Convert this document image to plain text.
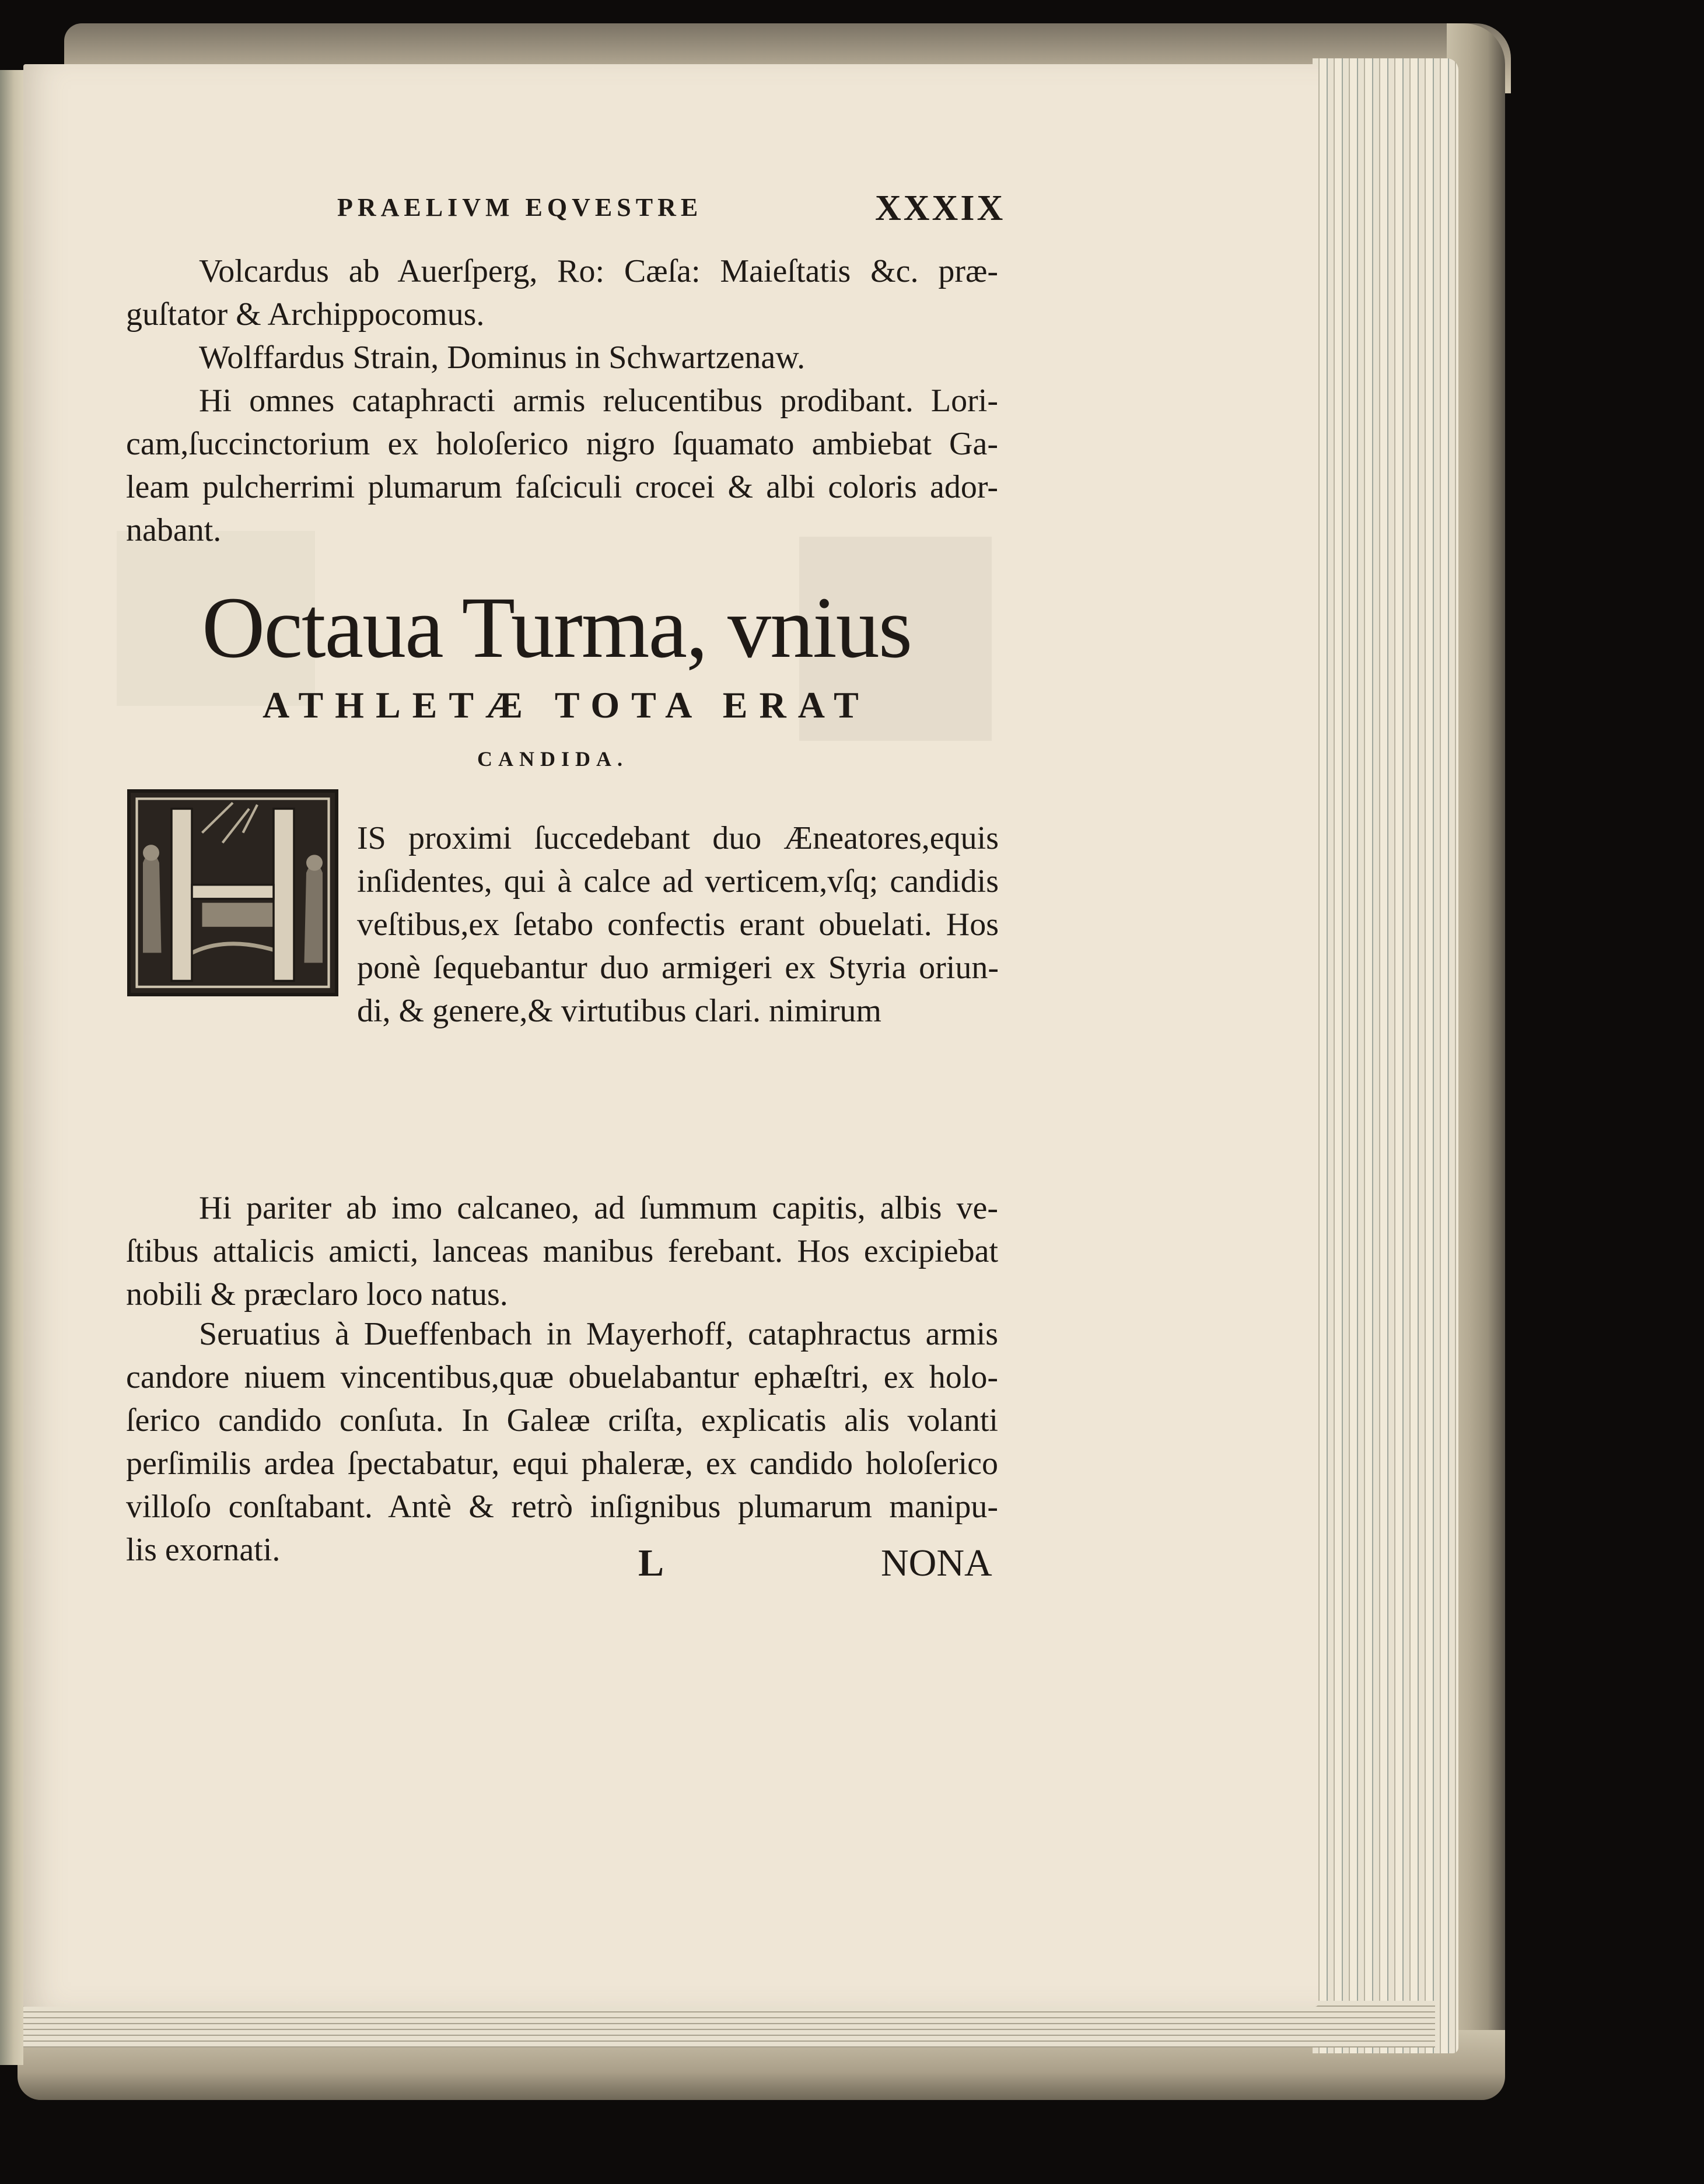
PRAELIVM EQVESTRE	XXXIX
Volcardus ab Auerſperg, Ro: Cæſa: Maieſtatis &c. præ-
guſtator & Archippocomus.
Wolffardus Strain, Dominus in Schwartzenaw.
Hi omnes cataphracti armis relucentibus prodibant. Lori-
cam,ſuccinctorium ex holoſerico nigro ſquamato ambiebat Ga-
leam pulcherrimi plumarum faſciculi crocei & albi coloris ador-
nabant.
Octaua Turma, vnius
ATHLETÆ TOTA ERAT
CANDIDA.
IS proximi ſuccedebant duo Æneatores,equis
inſidentes, qui à calce ad verticem,vſq; candidis
veſtibus,ex ſetabo confectis erant obuelati. Hos
ponè ſequebantur duo armigeri ex Styria oriun-
di, & genere,& virtutibus clari. nimirum
Hi pariter ab imo calcaneo, ad ſummum capitis, albis ve-
ſtibus attalicis amicti, lanceas manibus ferebant. Hos excipiebat
nobili & præclaro loco natus.
Seruatius à Dueffenbach in Mayerhoff, cataphractus armis
candore niuem vincentibus,quæ obuelabantur ephæſtri, ex holo-
ſerico candido conſuta. In Galeæ criſta, explicatis alis volanti
perſimilis ardea ſpectabatur, equi phaleræ, ex candido holoſerico
villoſo conſtabant. Antè & retrò inſignibus plumarum manipu-
lis exornati.	L	NONA
